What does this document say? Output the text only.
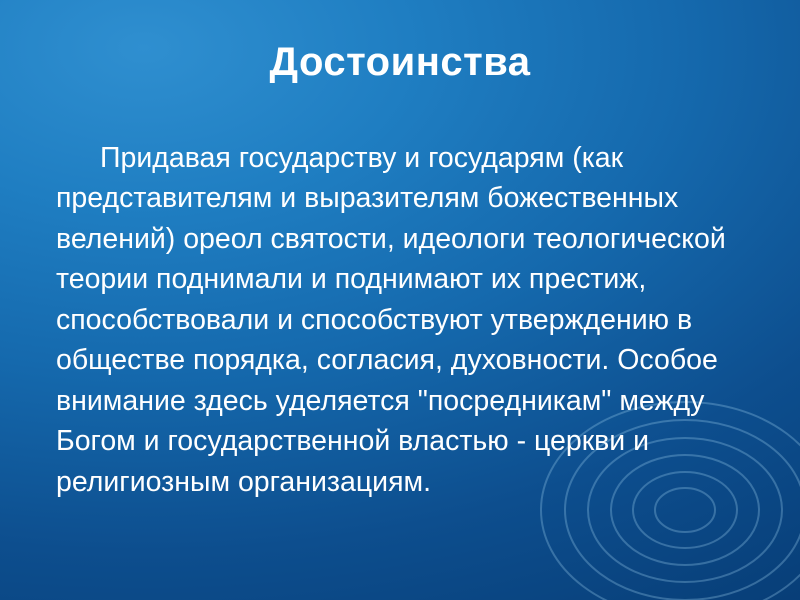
Достоинства
Придавая государству и государям (как представителям и выразителям божественных велений) ореол святости, идеологи теологической теории поднимали и поднимают их престиж, способствовали и способствуют утверждению в обществе порядка, согласия, духовности. Особое внимание здесь уделяется "посредникам" между Богом и государственной властью - церкви и религиозным организациям.
